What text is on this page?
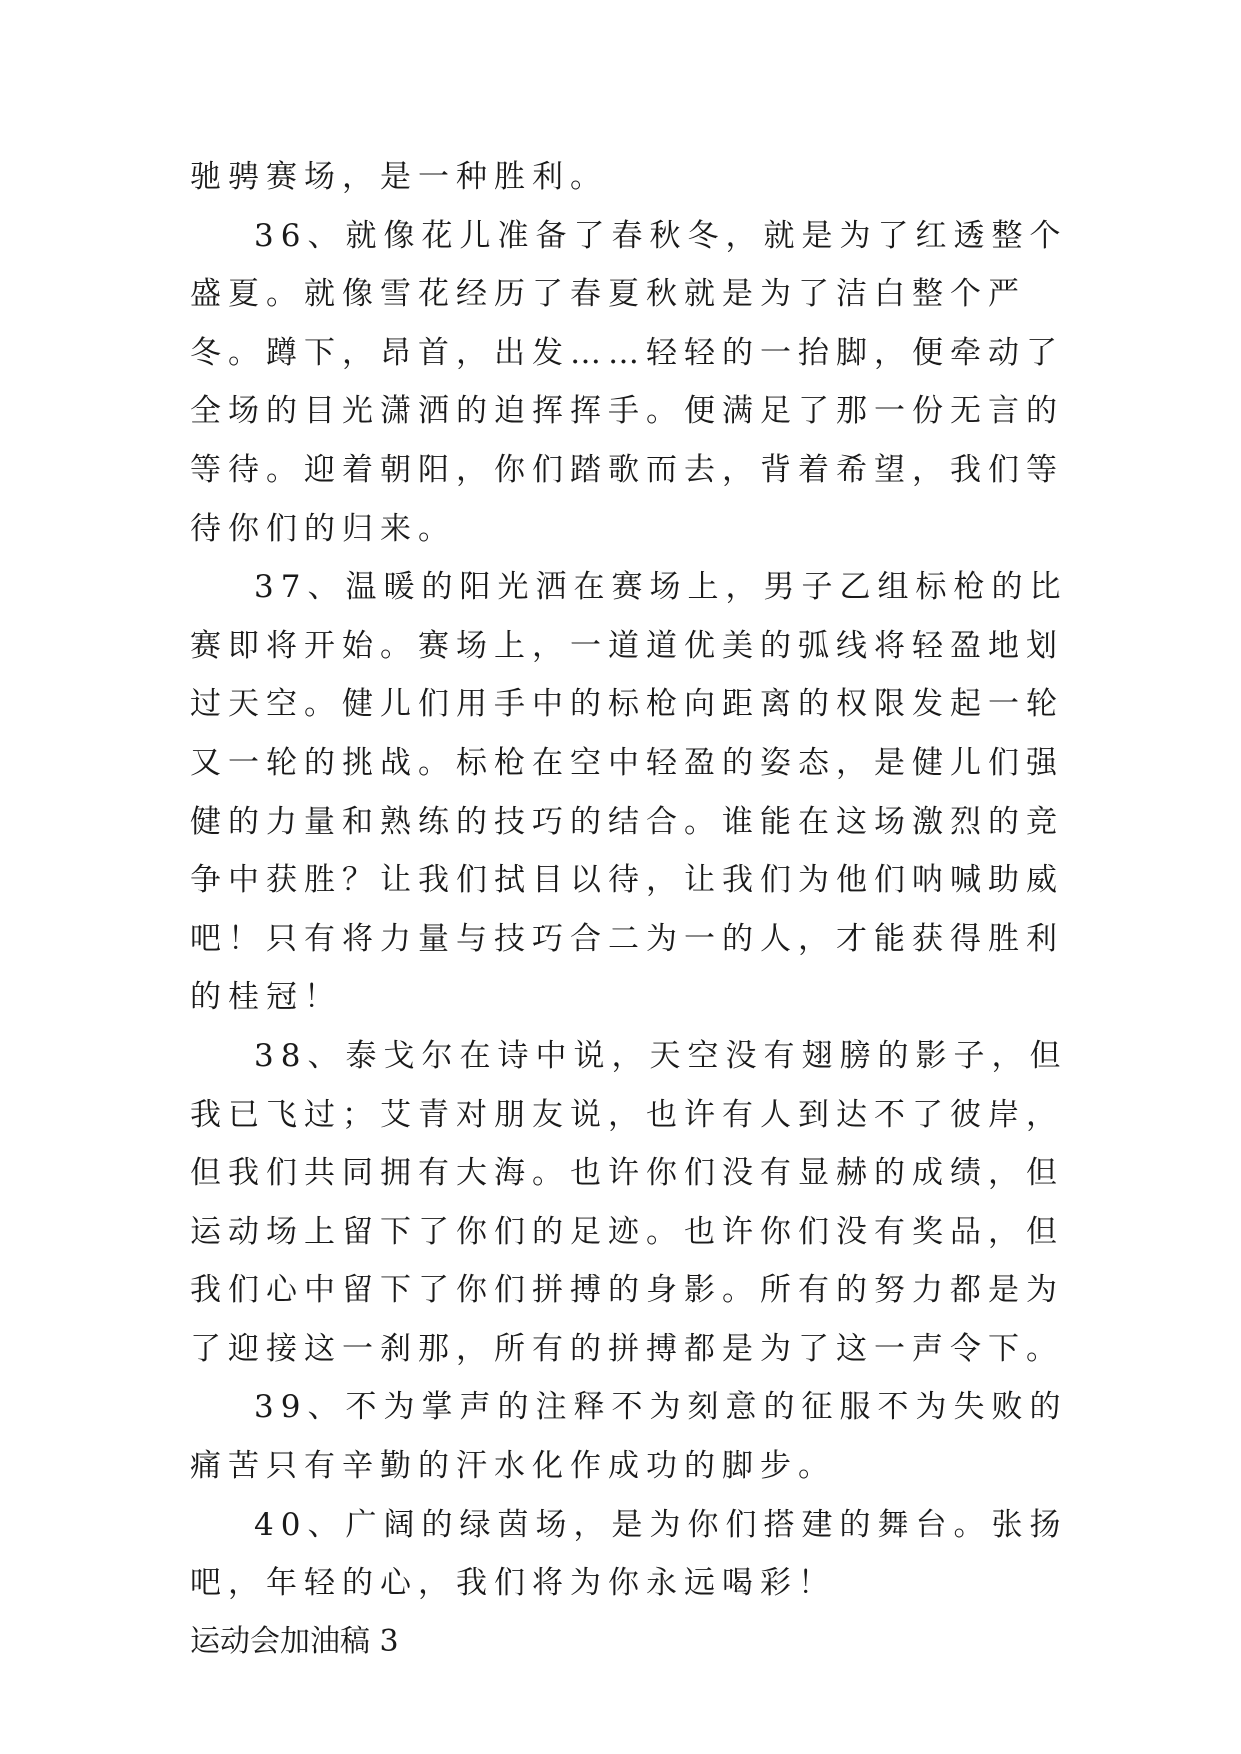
驰骋赛场，是一种胜利。

36、就像花儿准备了春秋冬，就是为了红透整个盛夏。就像雪花经历了春夏秋就是为了洁白整个严冬。蹲下，昂首，出发……轻轻的一抬脚，便牵动了全场的目光潇洒的迫挥挥手。便满足了那一份无言的等待。迎着朝阳，你们踏歌而去，背着希望，我们等待你们的归来。

37、温暖的阳光洒在赛场上，男子乙组标枪的比赛即将开始。赛场上，一道道优美的弧线将轻盈地划过天空。健儿们用手中的标枪向距离的权限发起一轮又一轮的挑战。标枪在空中轻盈的姿态，是健儿们强健的力量和熟练的技巧的结合。谁能在这场激烈的竞争中获胜？让我们拭目以待，让我们为他们呐喊助威吧！只有将力量与技巧合二为一的人，才能获得胜利的桂冠！

38、泰戈尔在诗中说，天空没有翅膀的影子，但我已飞过；艾青对朋友说，也许有人到达不了彼岸，但我们共同拥有大海。也许你们没有显赫的成绩，但运动场上留下了你们的足迹。也许你们没有奖品，但我们心中留下了你们拼搏的身影。所有的努力都是为了迎接这一刹那，所有的拼搏都是为了这一声令下。

39、不为掌声的注释不为刻意的征服不为失败的痛苦只有辛勤的汗水化作成功的脚步。

40、广阔的绿茵场，是为你们搭建的舞台。张扬吧，年轻的心，我们将为你永远喝彩！

运动会加油稿 3
